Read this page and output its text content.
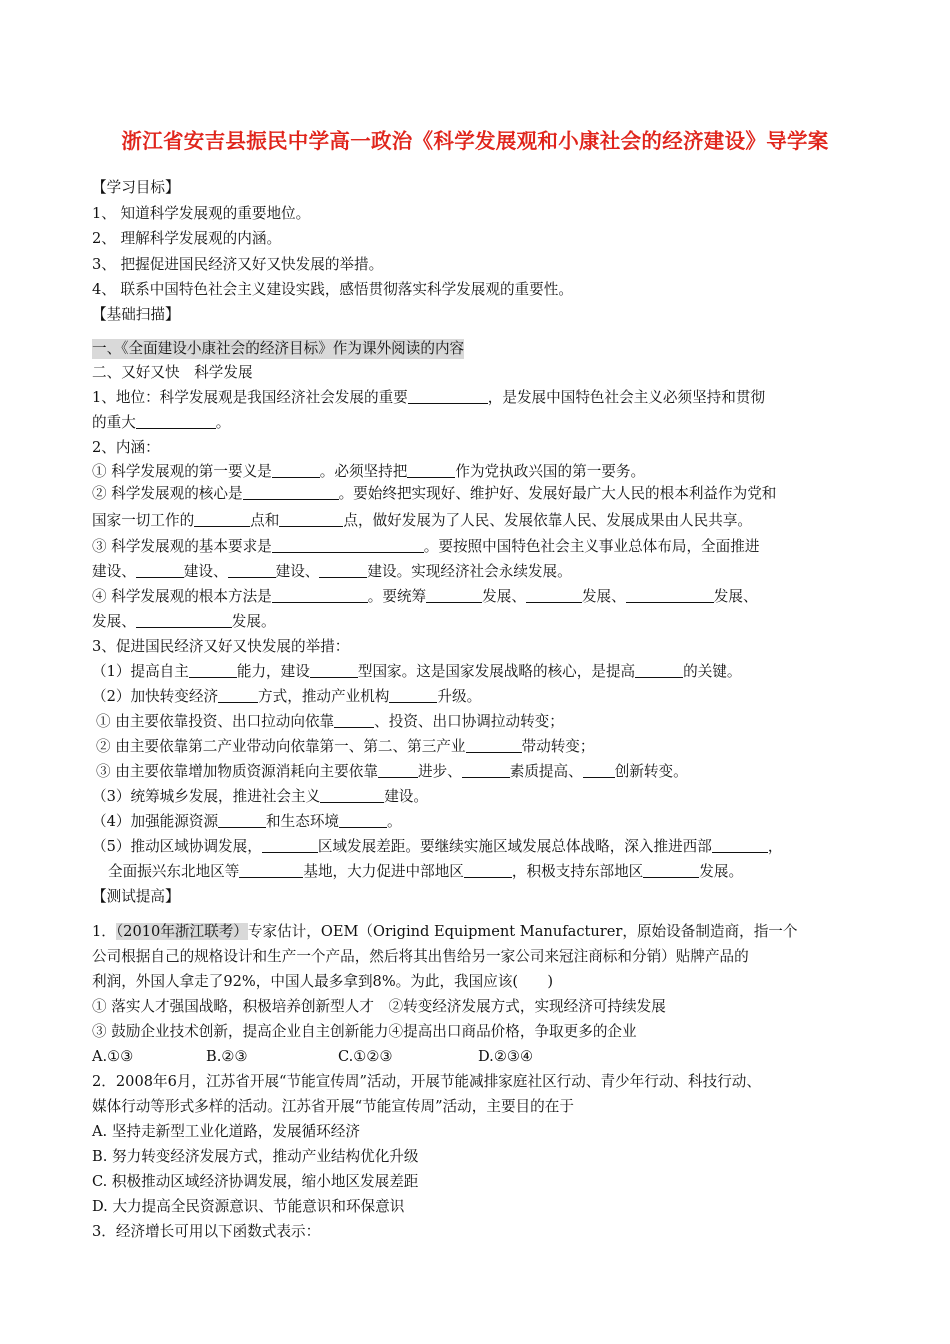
浙江省安吉县振民中学高一政治《科学发展观和小康社会的经济建设》导学案
【学习目标】
1、 知道科学发展观的重要地位。
2、 理解科学发展观的内涵。
3、 把握促进国民经济又好又快发展的举措。
4、 联系中国特色社会主义建设实践，感悟贯彻落实科学发展观的重要性。
【基础扫描】
一、《全面建设小康社会的经济目标》作为课外阅读的内容
二、又好又快　科学发展
1、地位：科学发展观是我国经济社会发展的重要	，是发展中国特色社会主义必须坚持和贯彻
的重大	。
2、内涵：
① 科学发展观的第一要义是	。必须坚持把	作为党执政兴国的第一要务。
② 科学发展观的核心是	。要始终把实现好、维护好、发展好最广大人民的根本利益作为党和
国家一切工作的	点和	点，做好发展为了人民、发展依靠人民、发展成果由人民共享。
③ 科学发展观的基本要求是	。要按照中国特色社会主义事业总体布局，全面推进
建设、	建设、	建设、	建设。实现经济社会永续发展。
④ 科学发展观的根本方法是	。要统筹	发展、	发展、	发展、
发展、	发展。
3、促进国民经济又好又快发展的举措：
（1）提高自主	能力，建设	型国家。这是国家发展战略的核心，是提高	的关键。
（2）加快转变经济	方式，推动产业机构	升级。
① 由主要依靠投资、出口拉动向依靠	、投资、出口协调拉动转变；
② 由主要依靠第二产业带动向依靠第一、第二、第三产业	带动转变；
③ 由主要依靠增加物质资源消耗向主要依靠	进步、	素质提高、 创新转变。
（3）统筹城乡发展，推进社会主义	建设。
（4）加强能源资源	和生态环境	。
（5）推动区域协调发展，	区域发展差距。要继续实施区域发展总体战略，深入推进西部	，
全面振兴东北地区等	基地，大力促进中部地区	，积极支持东部地区	发展。
【测试提高】
1．（2010年浙江联考）专家估计，OEM（Origind Equipment Manufacturer，原始设备制造商，指一个
公司根据自己的规格设计和生产一个产品，然后将其出售给另一家公司来冠注商标和分销）贴牌产品的
利润，外国人拿走了92%，中国人最多拿到8%。为此，我国应该(　　)
① 落实人才强国战略，积极培养创新型人才　②转变经济发展方式，实现经济可持续发展
③ 鼓励企业技术创新，提高企业自主创新能力④提高出口商品价格，争取更多的企业
A.①③	B.②③	C.①②③	D.②③④
2．2008年6月，江苏省开展“节能宣传周”活动，开展节能减排家庭社区行动、青少年行动、科技行动、
媒体行动等形式多样的活动。江苏省开展“节能宣传周”活动，主要目的在于
A. 坚持走新型工业化道路，发展循环经济
B. 努力转变经济发展方式，推动产业结构优化升级
C. 积极推动区域经济协调发展，缩小地区发展差距
D. 大力提高全民资源意识、节能意识和环保意识
3．经济增长可用以下函数式表示：
